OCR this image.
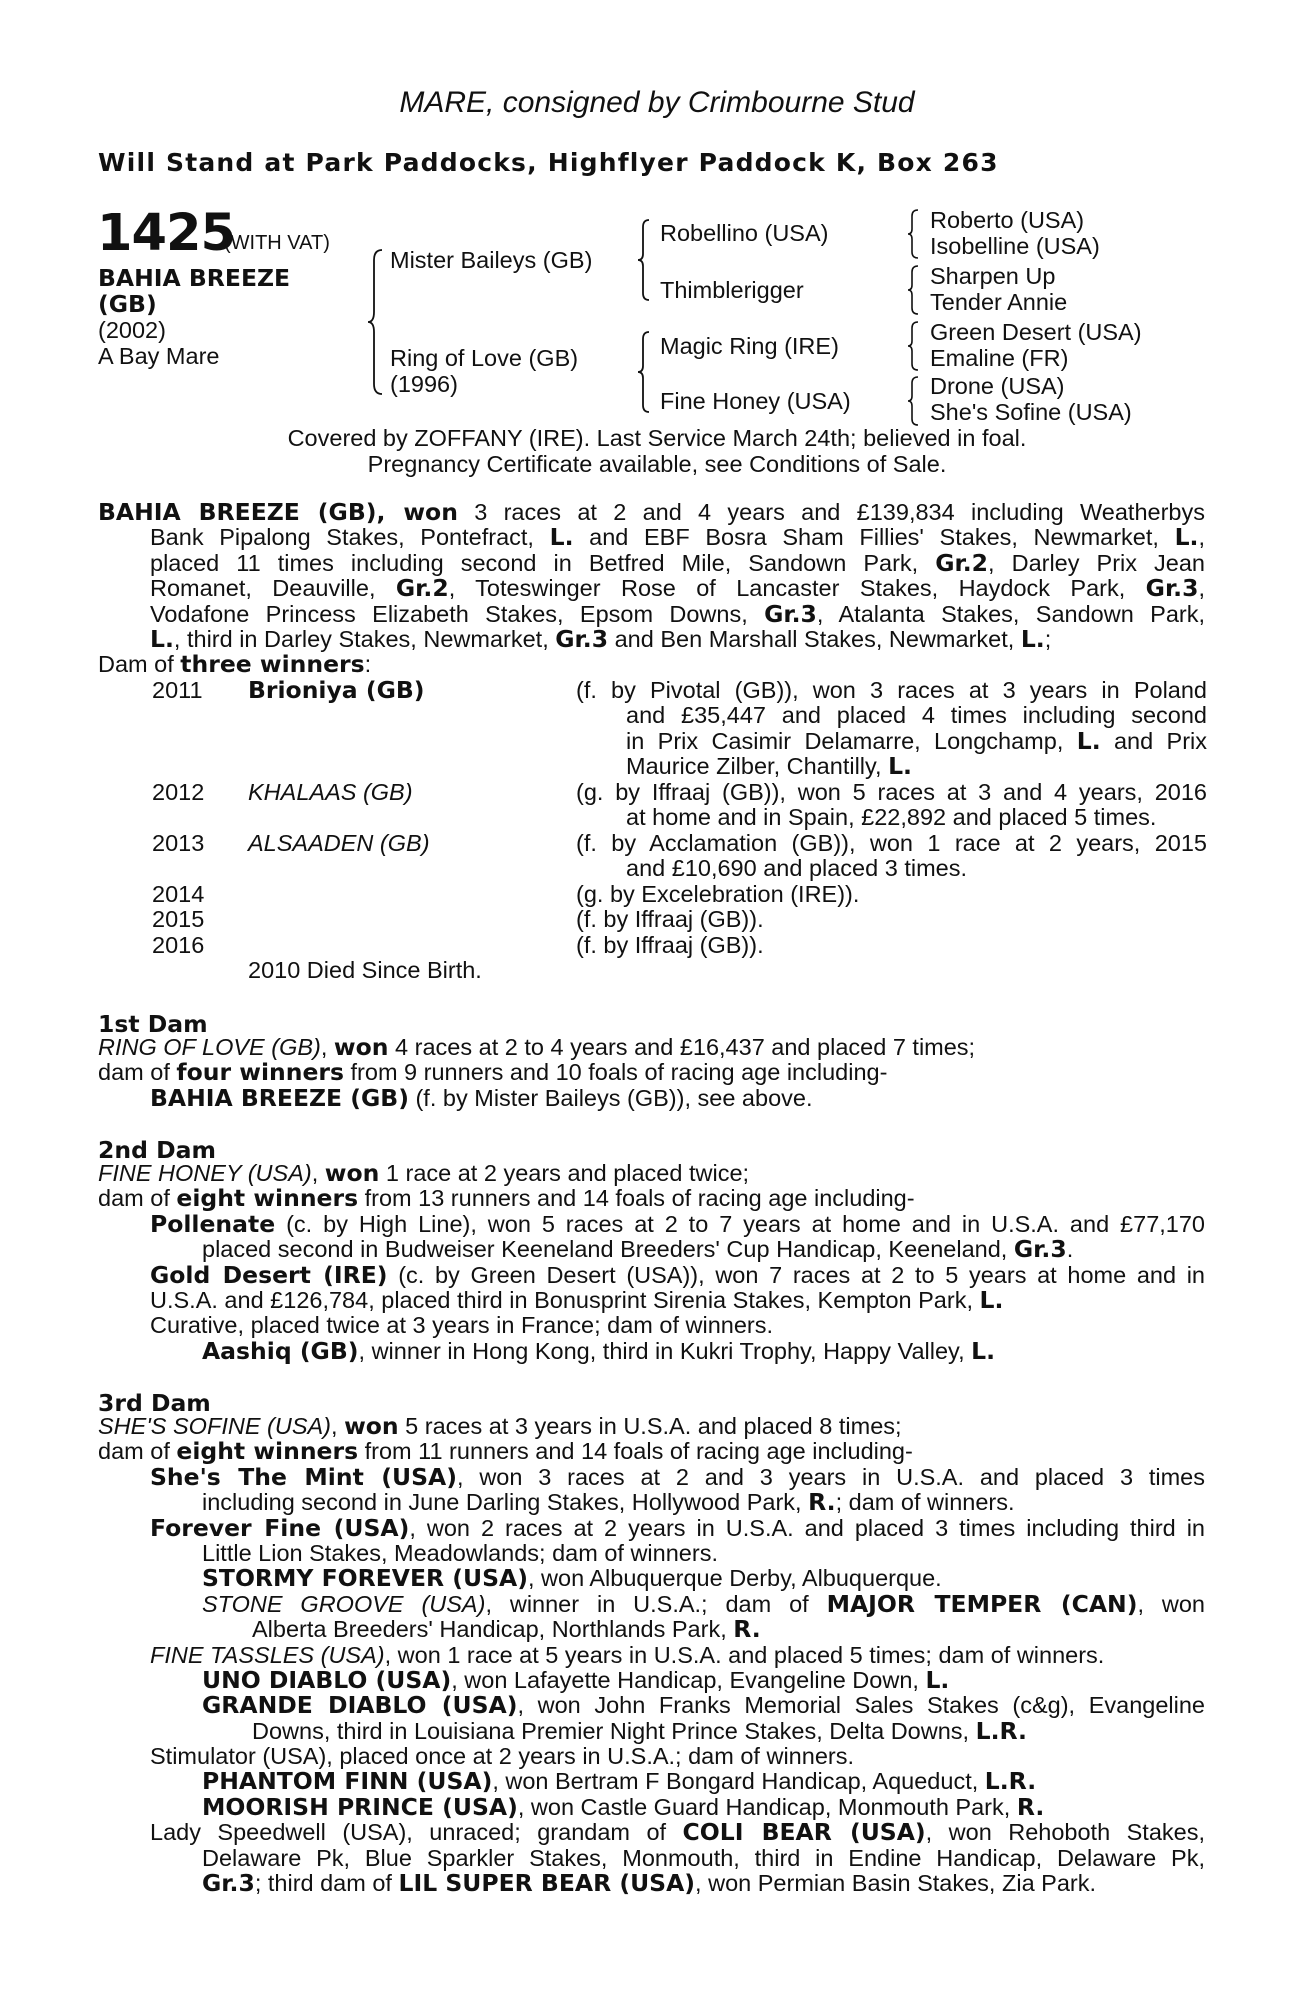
MARE, consigned by Crimbourne Stud
Will Stand at Park Paddocks, Highflyer Paddock K, Box 263
1425
(WITH VAT)
BAHIA BREEZE
(GB)
(2002)
A Bay Mare
Mister Baileys (GB)
Ring of Love (GB)
(1996)
Robellino (USA)
Thimblerigger
Magic Ring (IRE)
Fine Honey (USA)
Roberto (USA)
Isobelline (USA)
Sharpen Up
Tender Annie
Green Desert (USA)
Emaline (FR)
Drone (USA)
She's Sofine (USA)
Covered by ZOFFANY (IRE). Last Service March 24th; believed in foal.
Pregnancy Certificate available, see Conditions of Sale.
BAHIA BREEZE (GB), won 3 races at 2 and 4 years and £139,834 including Weatherbys
Bank Pipalong Stakes, Pontefract, L. and EBF Bosra Sham Fillies' Stakes, Newmarket, L.,
placed 11 times including second in Betfred Mile, Sandown Park, Gr.2, Darley Prix Jean
Romanet, Deauville, Gr.2, Toteswinger Rose of Lancaster Stakes, Haydock Park, Gr.3,
Vodafone Princess Elizabeth Stakes, Epsom Downs, Gr.3, Atalanta Stakes, Sandown Park,
L., third in Darley Stakes, Newmarket, Gr.3 and Ben Marshall Stakes, Newmarket, L.;
Dam of three winners:
2011 Brioniya (GB)	(f. by Pivotal (GB)), won 3 races at 3 years in Poland
and £35,447 and placed 4 times including second
in Prix Casimir Delamarre, Longchamp, L. and Prix
Maurice Zilber, Chantilly, L.
2012 KHALAAS (GB)	(g. by Iffraaj (GB)), won 5 races at 3 and 4 years, 2016
at home and in Spain, £22,892 and placed 5 times.
2013 ALSAADEN (GB)	(f. by Acclamation (GB)), won 1 race at 2 years, 2015
and £10,690 and placed 3 times.
2014	(g. by Excelebration (IRE)).
2015	(f. by Iffraaj (GB)).
2016	(f. by Iffraaj (GB)).
2010 Died Since Birth.
1st Dam
RING OF LOVE (GB), won 4 races at 2 to 4 years and £16,437 and placed 7 times;
dam of four winners from 9 runners and 10 foals of racing age including-
BAHIA BREEZE (GB) (f. by Mister Baileys (GB)), see above.
2nd Dam
FINE HONEY (USA), won 1 race at 2 years and placed twice;
dam of eight winners from 13 runners and 14 foals of racing age including-
Pollenate (c. by High Line), won 5 races at 2 to 7 years at home and in U.S.A. and £77,170
placed second in Budweiser Keeneland Breeders' Cup Handicap, Keeneland, Gr.3.
Gold Desert (IRE) (c. by Green Desert (USA)), won 7 races at 2 to 5 years at home and in
U.S.A. and £126,784, placed third in Bonusprint Sirenia Stakes, Kempton Park, L.
Curative, placed twice at 3 years in France; dam of winners.
Aashiq (GB), winner in Hong Kong, third in Kukri Trophy, Happy Valley, L.
3rd Dam
SHE'S SOFINE (USA), won 5 races at 3 years in U.S.A. and placed 8 times;
dam of eight winners from 11 runners and 14 foals of racing age including-
She's The Mint (USA), won 3 races at 2 and 3 years in U.S.A. and placed 3 times
including second in June Darling Stakes, Hollywood Park, R.; dam of winners.
Forever Fine (USA), won 2 races at 2 years in U.S.A. and placed 3 times including third in
Little Lion Stakes, Meadowlands; dam of winners.
STORMY FOREVER (USA), won Albuquerque Derby, Albuquerque.
STONE GROOVE (USA), winner in U.S.A.; dam of MAJOR TEMPER (CAN), won
Alberta Breeders' Handicap, Northlands Park, R.
FINE TASSLES (USA), won 1 race at 5 years in U.S.A. and placed 5 times; dam of winners.
UNO DIABLO (USA), won Lafayette Handicap, Evangeline Down, L.
GRANDE DIABLO (USA), won John Franks Memorial Sales Stakes (c&g), Evangeline
Downs, third in Louisiana Premier Night Prince Stakes, Delta Downs, L.R.
Stimulator (USA), placed once at 2 years in U.S.A.; dam of winners.
PHANTOM FINN (USA), won Bertram F Bongard Handicap, Aqueduct, L.R.
MOORISH PRINCE (USA), won Castle Guard Handicap, Monmouth Park, R.
Lady Speedwell (USA), unraced; grandam of COLI BEAR (USA), won Rehoboth Stakes,
Delaware Pk, Blue Sparkler Stakes, Monmouth, third in Endine Handicap, Delaware Pk,
Gr.3; third dam of LIL SUPER BEAR (USA), won Permian Basin Stakes, Zia Park.
